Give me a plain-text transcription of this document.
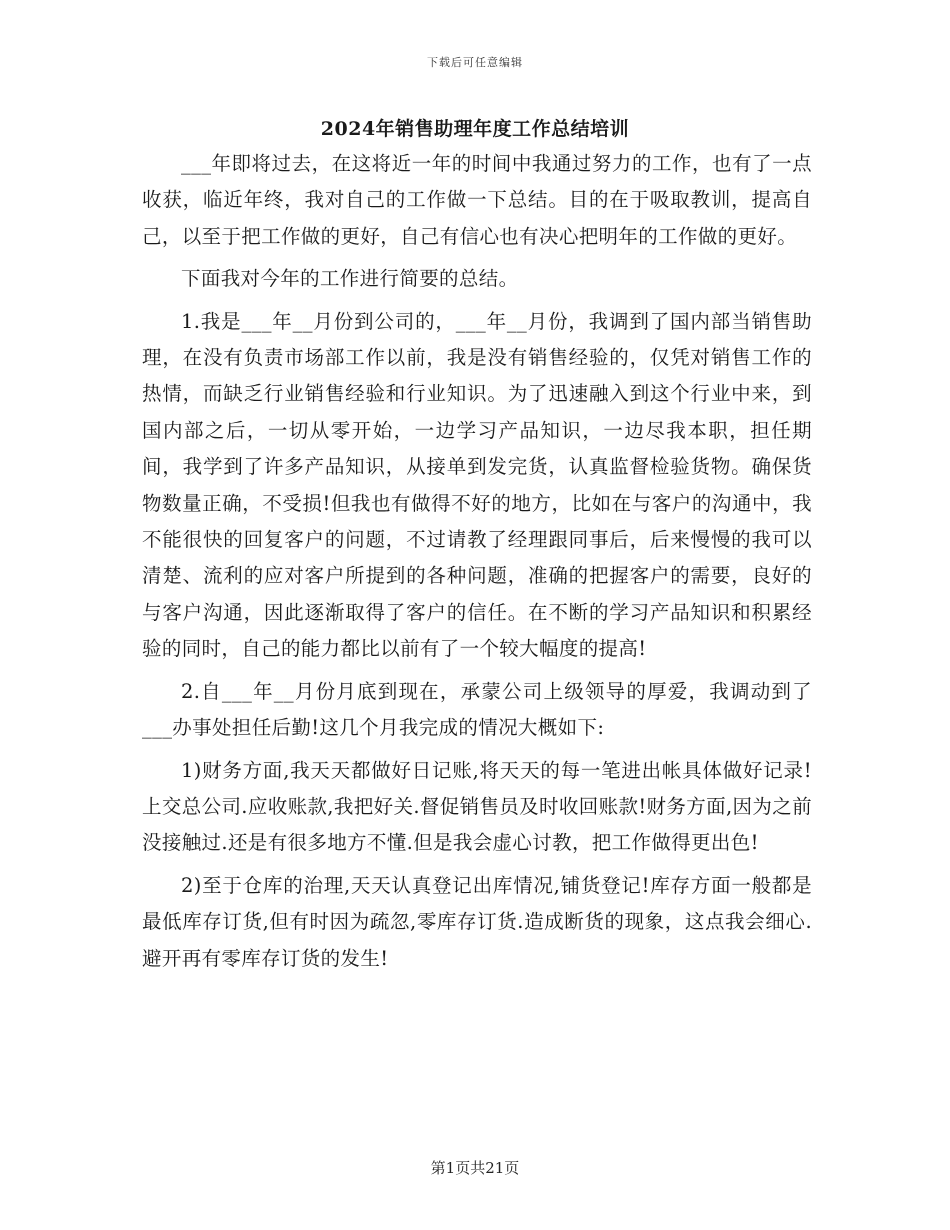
下载后可任意编辑
2024年销售助理年度工作总结培训

___年即将过去，在这将近一年的时间中我通过努力的工作，也有了一点收获，临近年终，我对自己的工作做一下总结。目的在于吸取教训，提高自己，以至于把工作做的更好，自己有信心也有决心把明年的工作做的更好。

下面我对今年的工作进行简要的总结。

1.我是___年__月份到公司的，___年__月份，我调到了国内部当销售助理，在没有负责市场部工作以前，我是没有销售经验的，仅凭对销售工作的热情，而缺乏行业销售经验和行业知识。为了迅速融入到这个行业中来，到国内部之后，一切从零开始，一边学习产品知识，一边尽我本职，担任期间，我学到了许多产品知识，从接单到发完货，认真监督检验货物。确保货物数量正确，不受损!但我也有做得不好的地方，比如在与客户的沟通中，我不能很快的回复客户的问题，不过请教了经理跟同事后，后来慢慢的我可以清楚、流利的应对客户所提到的各种问题，准确的把握客户的需要，良好的与客户沟通，因此逐渐取得了客户的信任。在不断的学习产品知识和积累经验的同时，自己的能力都比以前有了一个较大幅度的提高!

2.自___年__月份月底到现在，承蒙公司上级领导的厚爱，我调动到了___办事处担任后勤!这几个月我完成的情况大概如下:

1)财务方面,我天天都做好日记账,将天天的每一笔进出帐具体做好记录!上交总公司.应收账款,我把好关.督促销售员及时收回账款!财务方面,因为之前没接触过.还是有很多地方不懂.但是我会虚心讨教，把工作做得更出色!

2)至于仓库的治理,天天认真登记出库情况,铺货登记!库存方面一般都是最低库存订货,但有时因为疏忽,零库存订货.造成断货的现象，这点我会细心.避开再有零库存订货的发生!

第1页共21页
